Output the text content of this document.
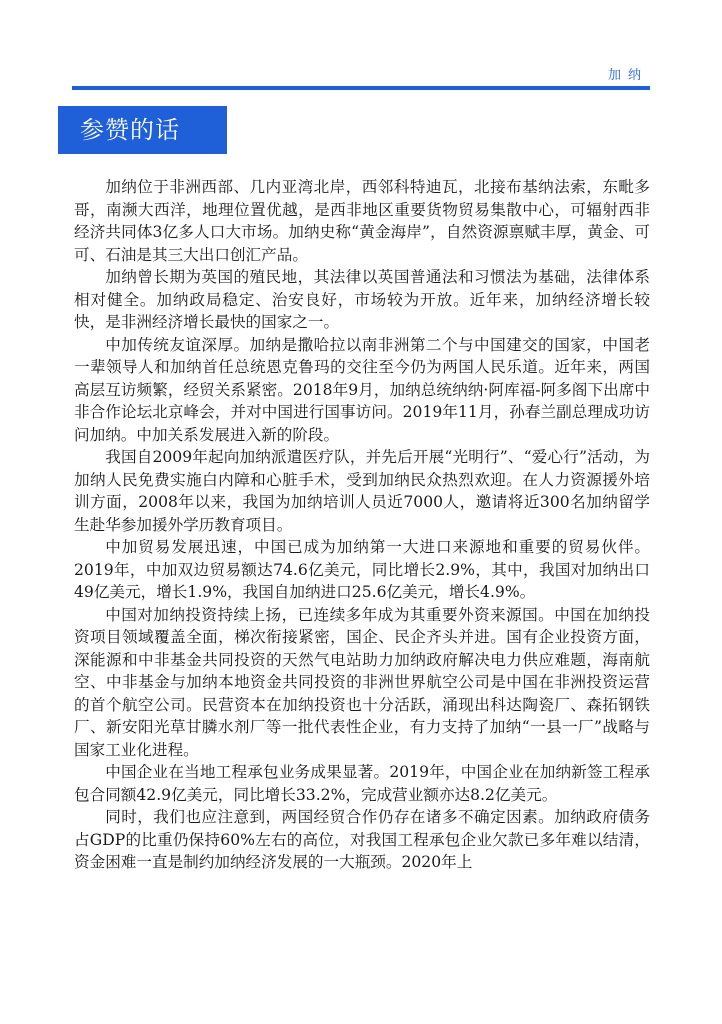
加纳
参赞的话

加纳位于非洲西部、几内亚湾北岸，西邻科特迪瓦，北接布基纳法索，东毗多哥，南濒大西洋，地理位置优越，是西非地区重要货物贸易集散中心，可辐射西非经济共同体3亿多人口大市场。加纳史称“黄金海岸”，自然资源禀赋丰厚，黄金、可可、石油是其三大出口创汇产品。

加纳曾长期为英国的殖民地，其法律以英国普通法和习惯法为基础，法律体系相对健全。加纳政局稳定、治安良好，市场较为开放。近年来，加纳经济增长较快，是非洲经济增长最快的国家之一。

中加传统友谊深厚。加纳是撒哈拉以南非洲第二个与中国建交的国家，中国老一辈领导人和加纳首任总统恩克鲁玛的交往至今仍为两国人民乐道。近年来，两国高层互访频繁，经贸关系紧密。2018年9月，加纳总统纳纳·阿库福-阿多阁下出席中非合作论坛北京峰会，并对中国进行国事访问。2019年11月，孙春兰副总理成功访问加纳。中加关系发展进入新的阶段。

我国自2009年起向加纳派遣医疗队，并先后开展“光明行”、“爱心行”活动，为加纳人民免费实施白内障和心脏手术，受到加纳民众热烈欢迎。在人力资源援外培训方面，2008年以来，我国为加纳培训人员近7000人，邀请将近300名加纳留学生赴华参加援外学历教育项目。

中加贸易发展迅速，中国已成为加纳第一大进口来源地和重要的贸易伙伴。2019年，中加双边贸易额达74.6亿美元，同比增长2.9%，其中，我国对加纳出口49亿美元，增长1.9%，我国自加纳进口25.6亿美元，增长4.9%。

中国对加纳投资持续上扬，已连续多年成为其重要外资来源国。中国在加纳投资项目领域覆盖全面，梯次衔接紧密，国企、民企齐头并进。国有企业投资方面，深能源和中非基金共同投资的天然气电站助力加纳政府解决电力供应难题，海南航空、中非基金与加纳本地资金共同投资的非洲世界航空公司是中国在非洲投资运营的首个航空公司。民营资本在加纳投资也十分活跃，涌现出科达陶瓷厂、森拓钢铁厂、新安阳光草甘膦水剂厂等一批代表性企业，有力支持了加纳“一县一厂”战略与国家工业化进程。

中国企业在当地工程承包业务成果显著。2019年，中国企业在加纳新签工程承包合同额42.9亿美元，同比增长33.2%，完成营业额亦达8.2亿美元。

同时，我们也应注意到，两国经贸合作仍存在诸多不确定因素。加纳政府债务占GDP的比重仍保持60%左右的高位，对我国工程承包企业欠款已多年难以结清，资金困难一直是制约加纳经济发展的一大瓶颈。2020年上
